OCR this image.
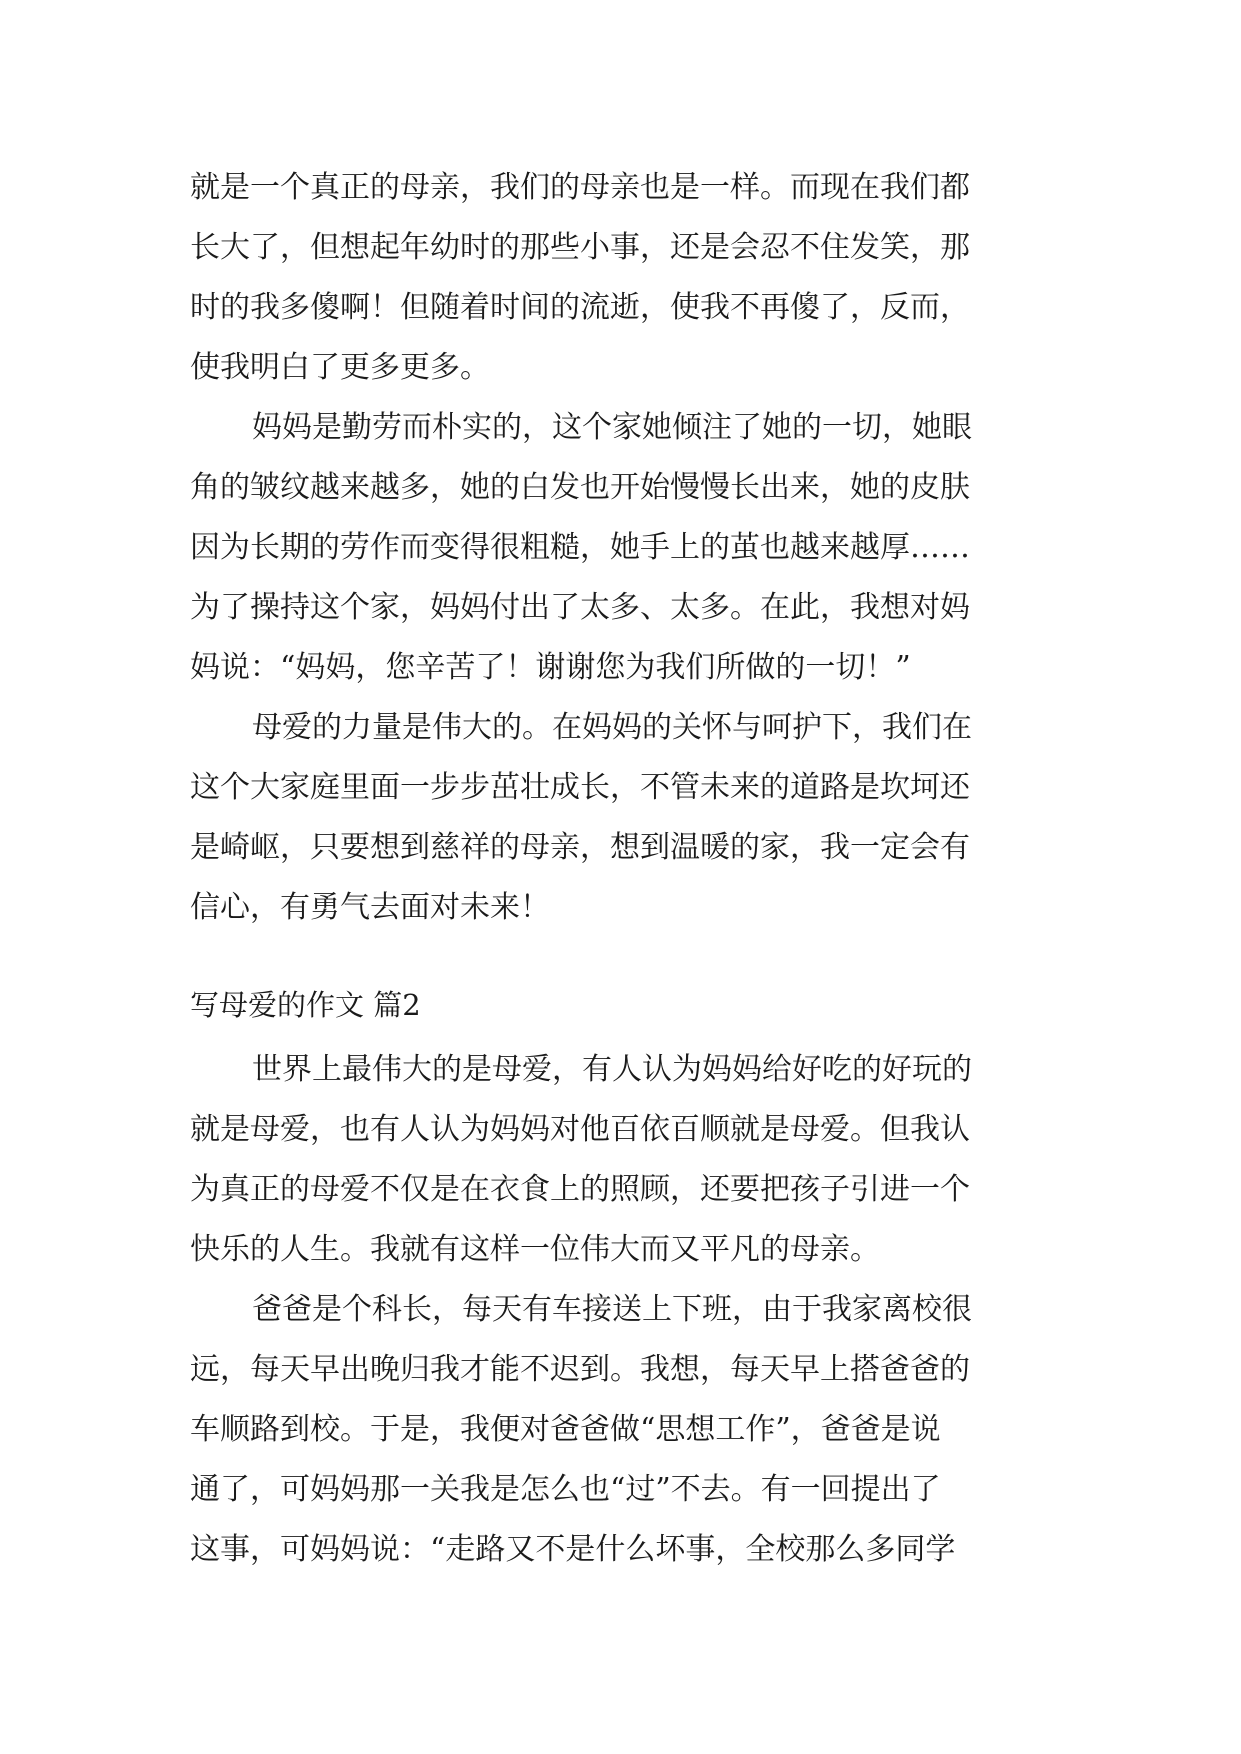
就是一个真正的母亲，我们的母亲也是一样。而现在我们都
长大了，但想起年幼时的那些小事，还是会忍不住发笑，那
时的我多傻啊！但随着时间的流逝，使我不再傻了，反而，
使我明白了更多更多。
妈妈是勤劳而朴实的，这个家她倾注了她的一切，她眼
角的皱纹越来越多，她的白发也开始慢慢长出来，她的皮肤
因为长期的劳作而变得很粗糙，她手上的茧也越来越厚……
为了操持这个家，妈妈付出了太多、太多。在此，我想对妈
妈说：“妈妈，您辛苦了！谢谢您为我们所做的一切！”
母爱的力量是伟大的。在妈妈的关怀与呵护下，我们在
这个大家庭里面一步步茁壮成长，不管未来的道路是坎坷还
是崎岖，只要想到慈祥的母亲，想到温暖的家，我一定会有
信心，有勇气去面对未来！
写母爱的作文 篇2
世界上最伟大的是母爱，有人认为妈妈给好吃的好玩的
就是母爱，也有人认为妈妈对他百依百顺就是母爱。但我认
为真正的母爱不仅是在衣食上的照顾，还要把孩子引进一个
快乐的人生。我就有这样一位伟大而又平凡的母亲。
爸爸是个科长，每天有车接送上下班，由于我家离校很
远，每天早出晚归我才能不迟到。我想，每天早上搭爸爸的
车顺路到校。于是，我便对爸爸做“思想工作”，爸爸是说
通了，可妈妈那一关我是怎么也“过”不去。有一回提出了
这事，可妈妈说：“走路又不是什么坏事，全校那么多同学
